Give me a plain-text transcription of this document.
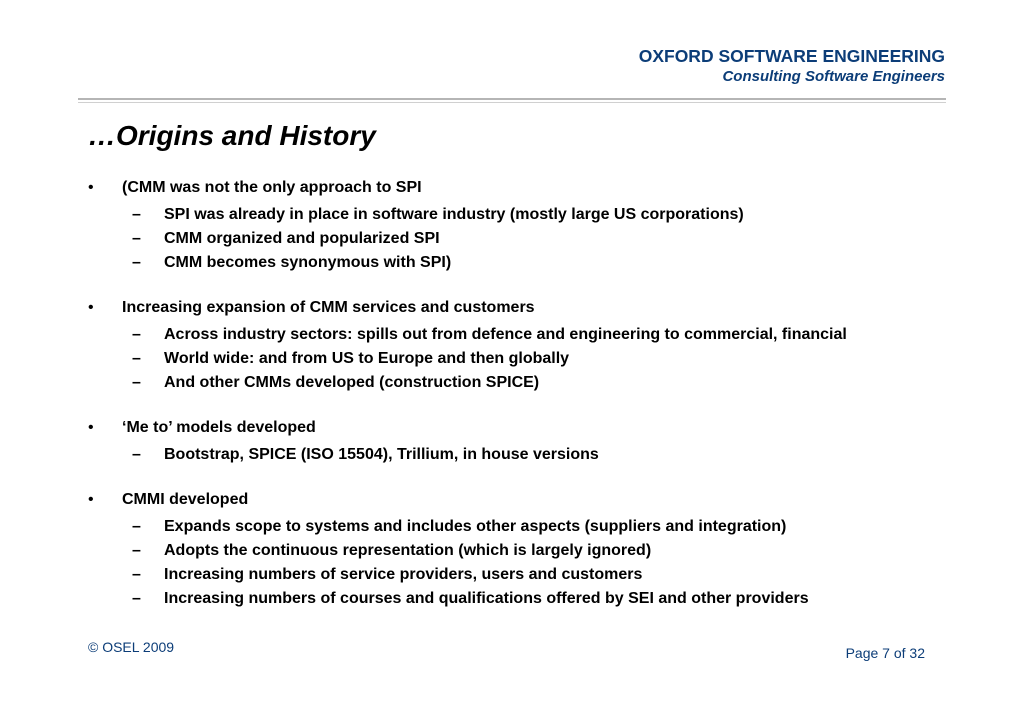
OXFORD SOFTWARE ENGINEERING
Consulting Software Engineers
…Origins and History
•	(CMM was not the only approach to SPI
– SPI was already in place in software industry (mostly large US corporations)
– CMM organized and popularized SPI
– CMM becomes synonymous with SPI)
•	Increasing expansion of CMM services and customers
– Across industry sectors: spills out from defence and engineering to commercial, financial
– World wide: and from US to Europe and then globally
– And other CMMs developed (construction SPICE)
•	‘Me to’ models developed
– Bootstrap, SPICE (ISO 15504), Trillium, in house versions
•	CMMI developed
– Expands scope to systems and includes other aspects (suppliers and integration)
– Adopts the continuous representation (which is largely ignored)
– Increasing numbers of service providers, users and customers
– Increasing numbers of courses and qualifications offered by SEI and other providers
© OSEL 2009	Page 7 of 32
